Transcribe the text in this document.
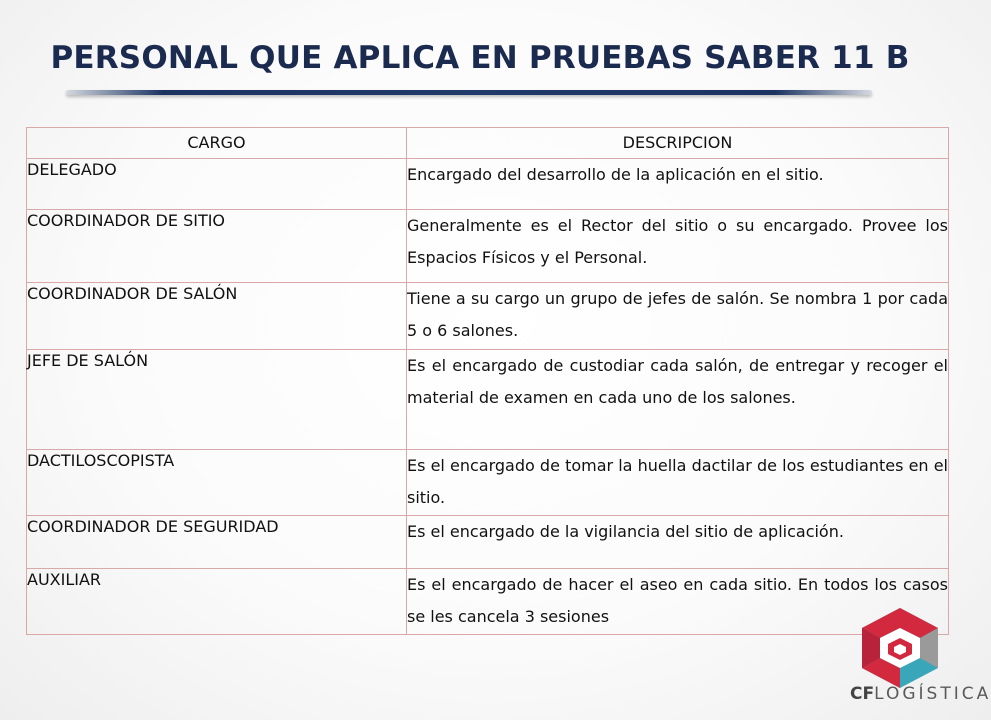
PERSONAL QUE APLICA EN PRUEBAS SABER 11 B
CARGO	DESCRIPCION
DELEGADO	Encargado del desarrollo de la aplicación en el sitio.
COORDINADOR DE SITIO	Generalmente es el Rector del sitio o su encargado. Provee los Espacios Físicos y el Personal.
COORDINADOR DE SALÓN	Tiene a su cargo un grupo de jefes de salón. Se nombra 1 por cada 5 o 6 salones.
JEFE DE SALÓN	Es el encargado de custodiar cada salón, de entregar y recoger el material de examen en cada uno de los salones.
DACTILOSCOPISTA	Es el encargado de tomar la huella dactilar de los estudiantes en el sitio.
COORDINADOR DE SEGURIDAD	Es el encargado de la vigilancia del sitio de aplicación.
AUXILIAR	Es el encargado de hacer el aseo en cada sitio. En todos los casos se les cancela 3 sesiones
CFLOGÍSTICA
